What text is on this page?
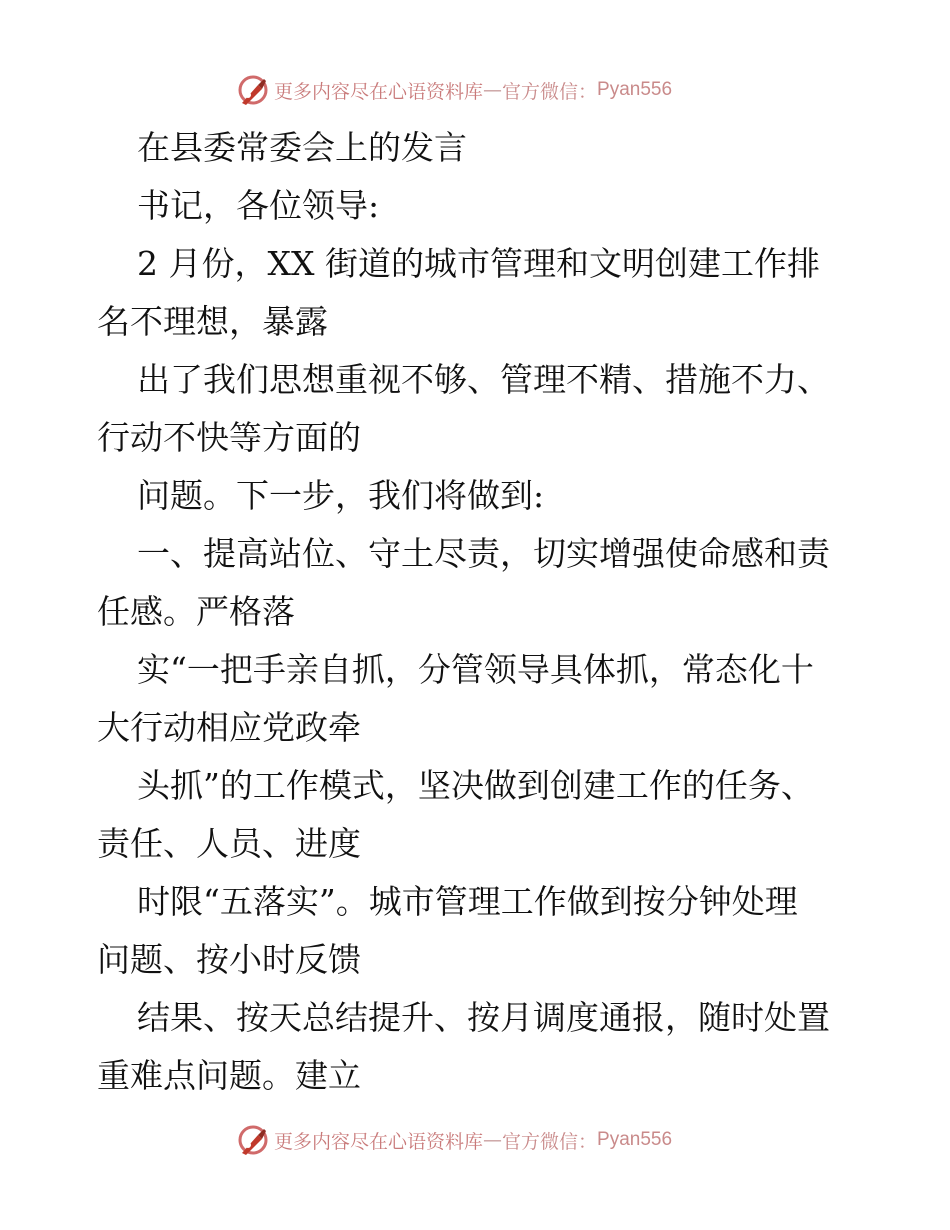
更多内容尽在心语资料库 — 官方微信： Pyan556
在县委常委会上的发言
书记，各位领导:
2 月份，XX 街道的城市管理和文明创建工作排
名不理想，暴露
出了我们思想重视不够、管理不精、措施不力、
行动不快等方面的
问题。下一步，我们将做到:
一、提高站位、守土尽责，切实增强使命感和责
任感。严格落
实“一把手亲自抓，分管领导具体抓，常态化十
大行动相应党政牵
头抓”的工作模式，坚决做到创建工作的任务、
责任、人员、进度
时限“五落实”。城市管理工作做到按分钟处理
问题、按小时反馈
结果、按天总结提升、按月调度通报，随时处置
重难点问题。建立
更多内容尽在心语资料库 — 官方微信： Pyan556
